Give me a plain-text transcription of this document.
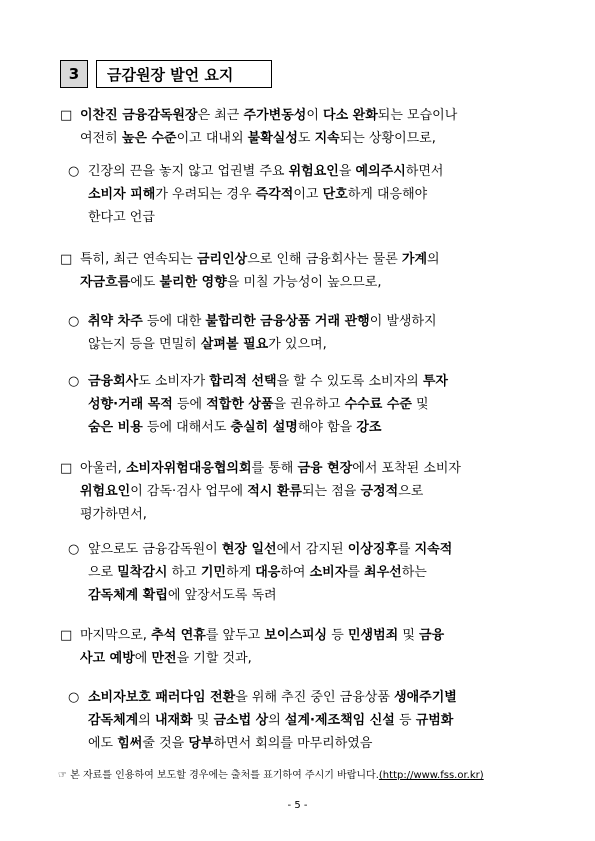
3	금감원장 발언 요지
□ 이찬진 금융감독원장은 최근 주가변동성이 다소 완화되는 모습이나
여전히 높은 수준이고 대내외 불확실성도 지속되는 상황이므로,
○ 긴장의 끈을 놓지 않고 업권별 주요 위험요인을 예의주시하면서
소비자 피해가 우려되는 경우 즉각적이고 단호하게 대응해야
한다고 언급
□ 특히, 최근 연속되는 금리인상으로 인해 금융회사는 물론 가계의
자금흐름에도 불리한 영향을 미칠 가능성이 높으므로,
○ 취약 차주 등에 대한 불합리한 금융상품 거래 관행이 발생하지
않는지 등을 면밀히 살펴볼 필요가 있으며,
○ 금융회사도 소비자가 합리적 선택을 할 수 있도록 소비자의 투자
성향·거래 목적 등에 적합한 상품을 권유하고 수수료 수준 및
숨은 비용 등에 대해서도 충실히 설명해야 함을 강조
□ 아울러, 소비자위험대응협의회를 통해 금융 현장에서 포착된 소비자
위험요인이 감독·검사 업무에 적시 환류되는 점을 긍정적으로
평가하면서,
○ 앞으로도 금융감독원이 현장 일선에서 감지된 이상징후를 지속적
으로 밀착감시 하고 기민하게 대응하여 소비자를 최우선하는
감독체계 확립에 앞장서도록 독려
□ 마지막으로, 추석 연휴를 앞두고 보이스피싱 등 민생범죄 및 금융
사고 예방에 만전을 기할 것과,
○ 소비자보호 패러다임 전환을 위해 추진 중인 금융상품 생애주기별
감독체계의 내재화 및 금소법 상의 설계·제조책임 신설 등 규범화
에도 힘써줄 것을 당부하면서 회의를 마무리하였음
☞ 본 자료를 인용하여 보도할 경우에는 출처를 표기하여 주시기 바랍니다.(http://www.fss.or.kr)
- 5 -
